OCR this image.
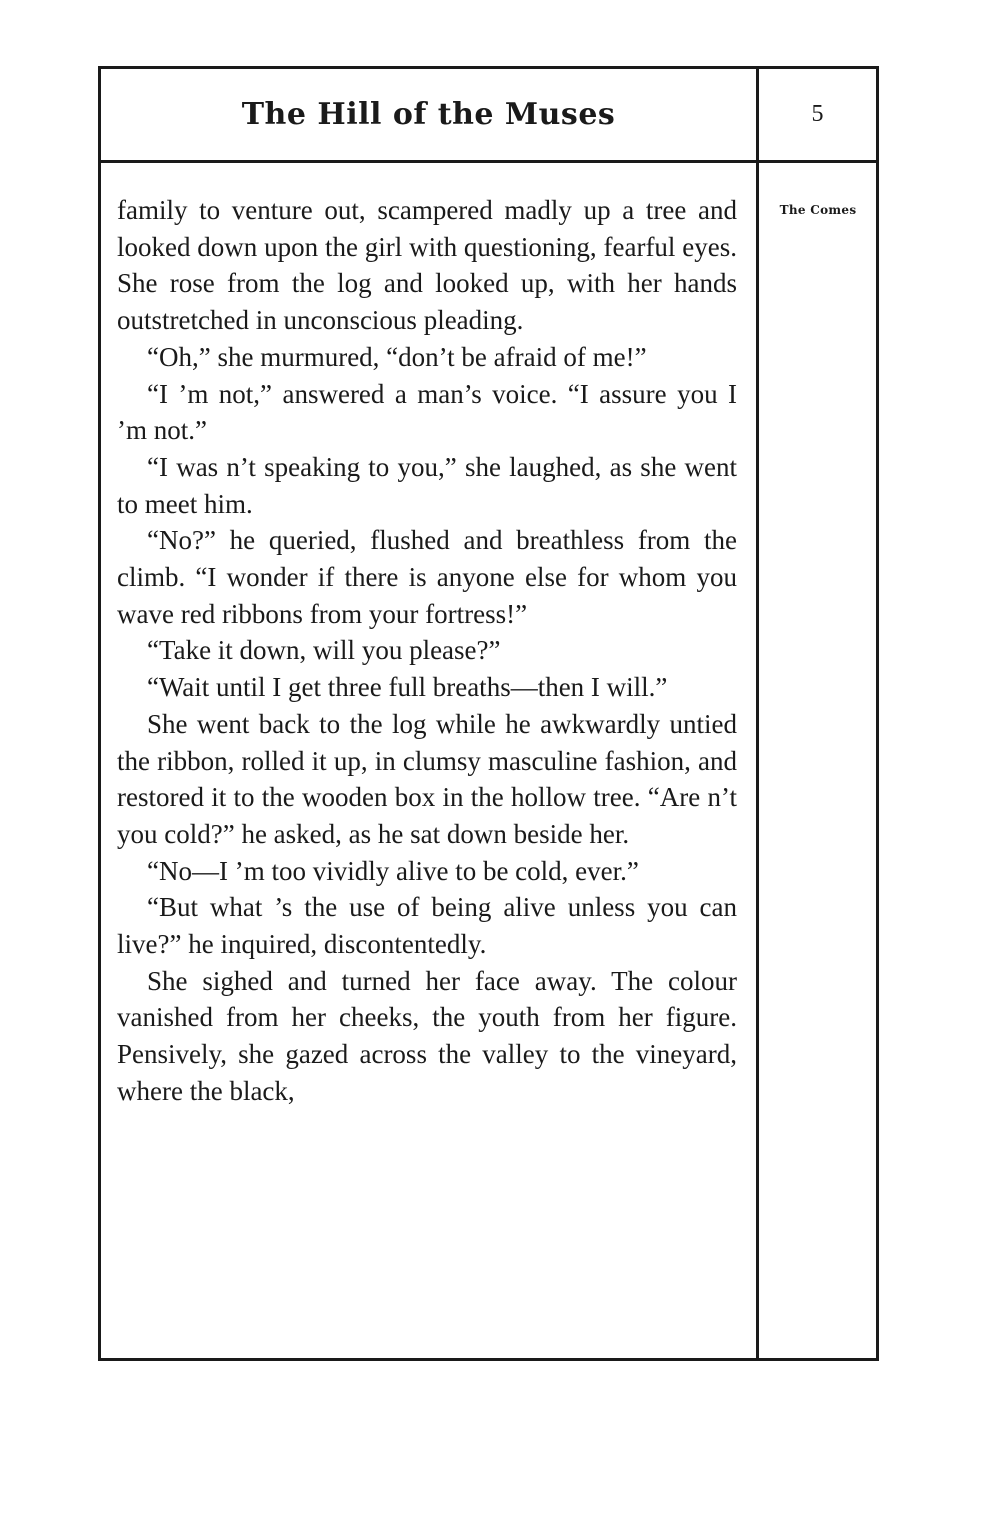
The Hill of the Muses	5
The Comes

family to venture out, scampered madly up a tree and looked down upon the girl with questioning, fearful eyes. She rose from the log and looked up, with her hands outstretched in unconscious pleading.

“Oh,” she murmured, “don’t be afraid of me!”

“I ’m not,” answered a man’s voice. “I assure you I ’m not.”

“I was n’t speaking to you,” she laughed, as she went to meet him.

“No?” he queried, flushed and breathless from the climb. “I wonder if there is anyone else for whom you wave red ribbons from your fortress!”

“Take it down, will you please?”

“Wait until I get three full breaths—then I will.”

She went back to the log while he awkwardly untied the ribbon, rolled it up, in clumsy masculine fashion, and restored it to the wooden box in the hollow tree. “Are n’t you cold?” he asked, as he sat down beside her.

“No—I ’m too vividly alive to be cold, ever.”

“But what ’s the use of being alive unless you can live?” he inquired, discontentedly.

She sighed and turned her face away. The colour vanished from her cheeks, the youth from her figure. Pensively, she gazed across the valley to the vineyard, where the black,
